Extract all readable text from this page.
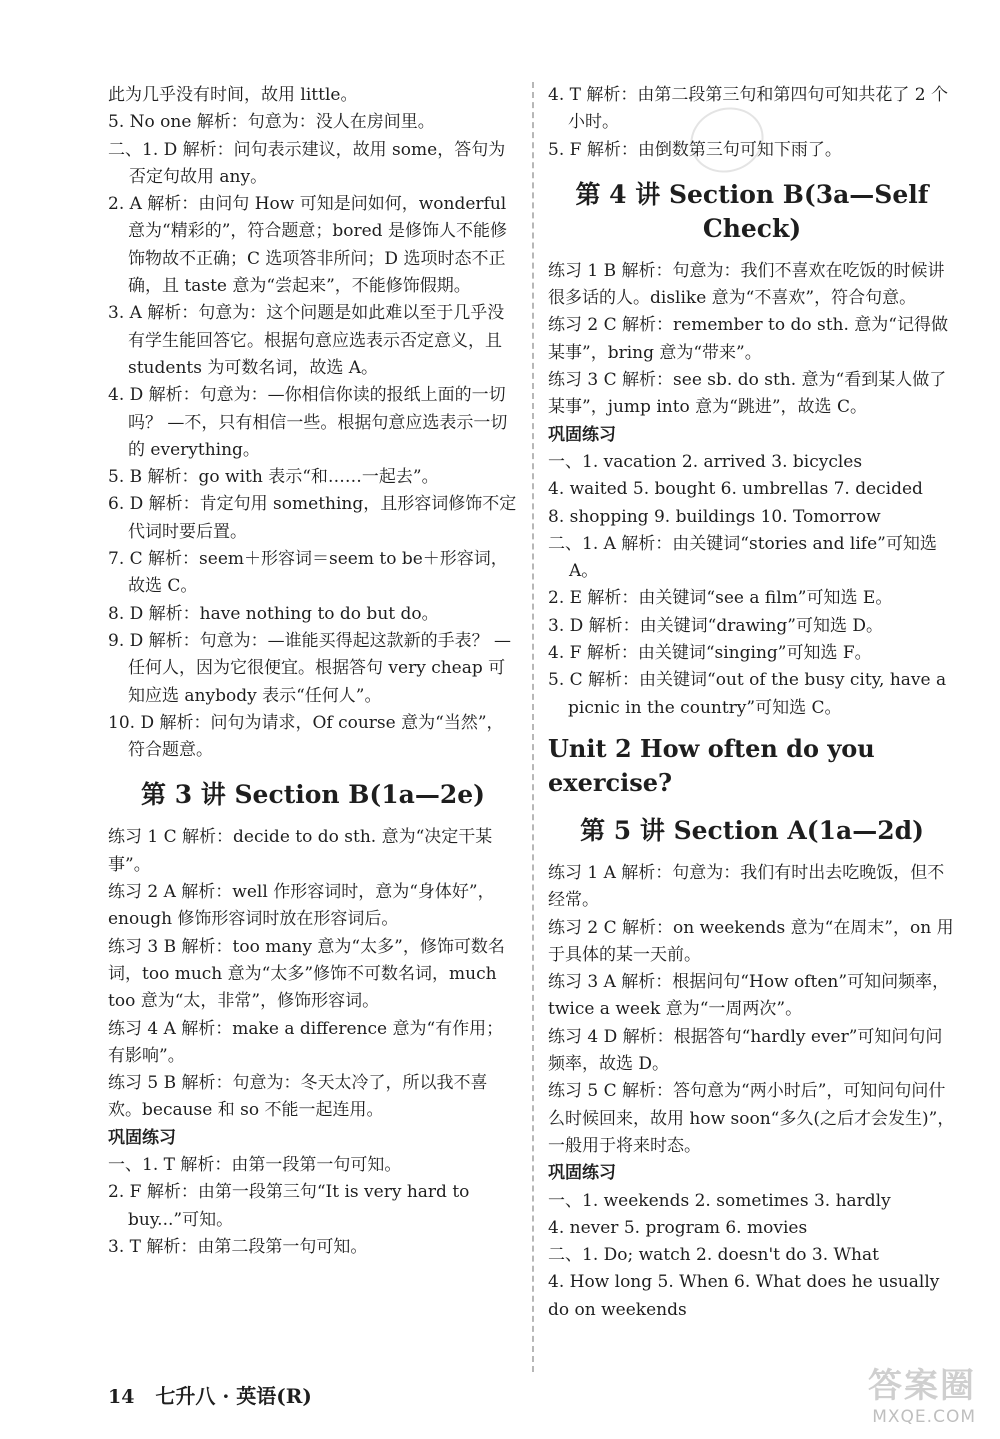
此为几乎没有时间，故用 little。
5. No one 解析：句意为：没人在房间里。
二、1. D 解析：问句表示建议，故用 some，答句为否定句故用 any。
2. A 解析：由问句 How 可知是问如何，wonderful 意为“精彩的”，符合题意；bored 是修饰人不能修饰物故不正确；C 选项答非所问；D 选项时态不正确，且 taste 意为“尝起来”，不能修饰假期。
3. A 解析：句意为：这个问题是如此难以至于几乎没有学生能回答它。根据句意应选表示否定意义，且 students 为可数名词，故选 A。
4. D 解析：句意为：—你相信你读的报纸上面的一切吗？ —不，只有相信一些。根据句意应选表示一切的 everything。
5. B 解析：go with 表示“和……一起去”。
6. D 解析：肯定句用 something，且形容词修饰不定代词时要后置。
7. C 解析：seem＋形容词＝seem to be＋形容词，故选 C。
8. D 解析：have nothing to do but do。
9. D 解析：句意为：—谁能买得起这款新的手表？ —任何人，因为它很便宜。根据答句 very cheap 可知应选 anybody 表示“任何人”。
10. D 解析：问句为请求，Of course 意为“当然”，符合题意。
第 3 讲 Section B(1a—2e)
练习 1 C 解析：decide to do sth. 意为“决定干某事”。
练习 2 A 解析：well 作形容词时，意为“身体好”，enough 修饰形容词时放在形容词后。
练习 3 B 解析：too many 意为“太多”，修饰可数名词，too much 意为“太多”修饰不可数名词，much too 意为“太，非常”，修饰形容词。
练习 4 A 解析：make a difference 意为“有作用；有影响”。
练习 5 B 解析：句意为：冬天太冷了，所以我不喜欢。because 和 so 不能一起连用。
巩固练习
一、1. T 解析：由第一段第一句可知。
2. F 解析：由第一段第三句“It is very hard to buy...”可知。
3. T 解析：由第二段第一句可知。
4. T 解析：由第二段第三句和第四句可知共花了 2 个小时。
5. F 解析：由倒数第三句可知下雨了。
第 4 讲 Section B(3a—Self Check)
练习 1 B 解析：句意为：我们不喜欢在吃饭的时候讲很多话的人。dislike 意为“不喜欢”，符合句意。
练习 2 C 解析：remember to do sth. 意为“记得做某事”，bring 意为“带来”。
练习 3 C 解析：see sb. do sth. 意为“看到某人做了某事”，jump into 意为“跳进”，故选 C。
巩固练习
一、1. vacation 2. arrived 3. bicycles
4. waited 5. bought 6. umbrellas 7. decided
8. shopping 9. buildings 10. Tomorrow
二、1. A 解析：由关键词“stories and life”可知选 A。
2. E 解析：由关键词“see a film”可知选 E。
3. D 解析：由关键词“drawing”可知选 D。
4. F 解析：由关键词“singing”可知选 F。
5. C 解析：由关键词“out of the busy city, have a picnic in the country”可知选 C。
Unit 2 How often do you exercise?
第 5 讲 Section A(1a—2d)
练习 1 A 解析：句意为：我们有时出去吃晚饭，但不经常。
练习 2 C 解析：on weekends 意为“在周末”，on 用于具体的某一天前。
练习 3 A 解析：根据问句“How often”可知问频率，twice a week 意为“一周两次”。
练习 4 D 解析：根据答句“hardly ever”可知问句问频率，故选 D。
练习 5 C 解析：答句意为“两小时后”，可知问句问什么时候回来，故用 how soon“多久(之后才会发生)”，一般用于将来时态。
巩固练习
一、1. weekends 2. sometimes 3. hardly
4. never 5. program 6. movies
二、1. Do; watch 2. doesn't do 3. What
4. How long 5. When 6. What does he usually do on weekends
14 七升八 · 英语(R)	答案圈
MXQE.COM
